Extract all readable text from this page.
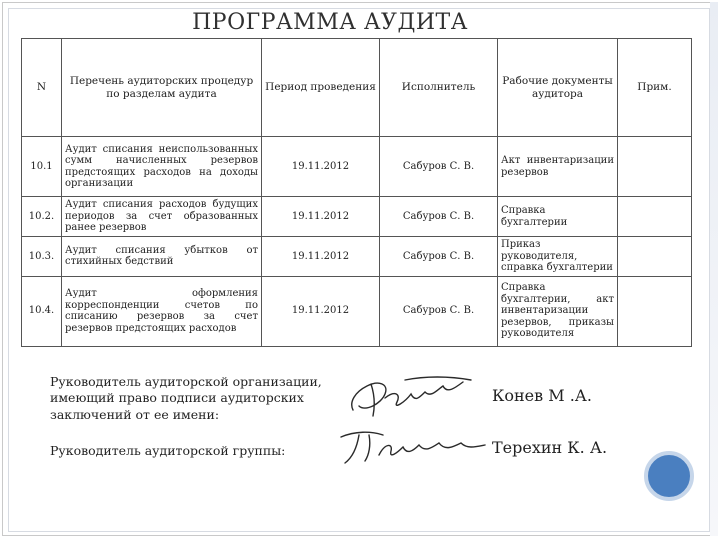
ПРОГРАММА АУДИТА
N	Перечень аудиторских процедур по разделам аудита	Период проведения	Исполнитель	Рабочие документы аудитора	Прим.
10.1	Аудит списания неиспользованных сумм начисленных резервов предстоящих расходов на доходы организации	19.11.2012	Сабуров С. В.	Акт инвентаризации резервов	
10.2.	Аудит списания расходов будущих периодов за счет образованных ранее резервов	19.11.2012	Сабуров С. В.	Справка бухгалтерии	
10.3.	Аудит списания убытков от стихийных бедствий	19.11.2012	Сабуров С. В.	Приказ руководителя, справка бухгалтерии	
10.4.	Аудит оформления корреспонденции счетов по списанию резервов за счет резервов предстоящих расходов	19.11.2012	Сабуров С. В.	Справка бухгалтерии, акт инвентаризации резервов, приказы руководителя	
Руководитель аудиторской организации, имеющий право подписи аудиторских заключений от ее имени:
Конев М .А.
Руководитель аудиторской группы:	Терехин К. А.
